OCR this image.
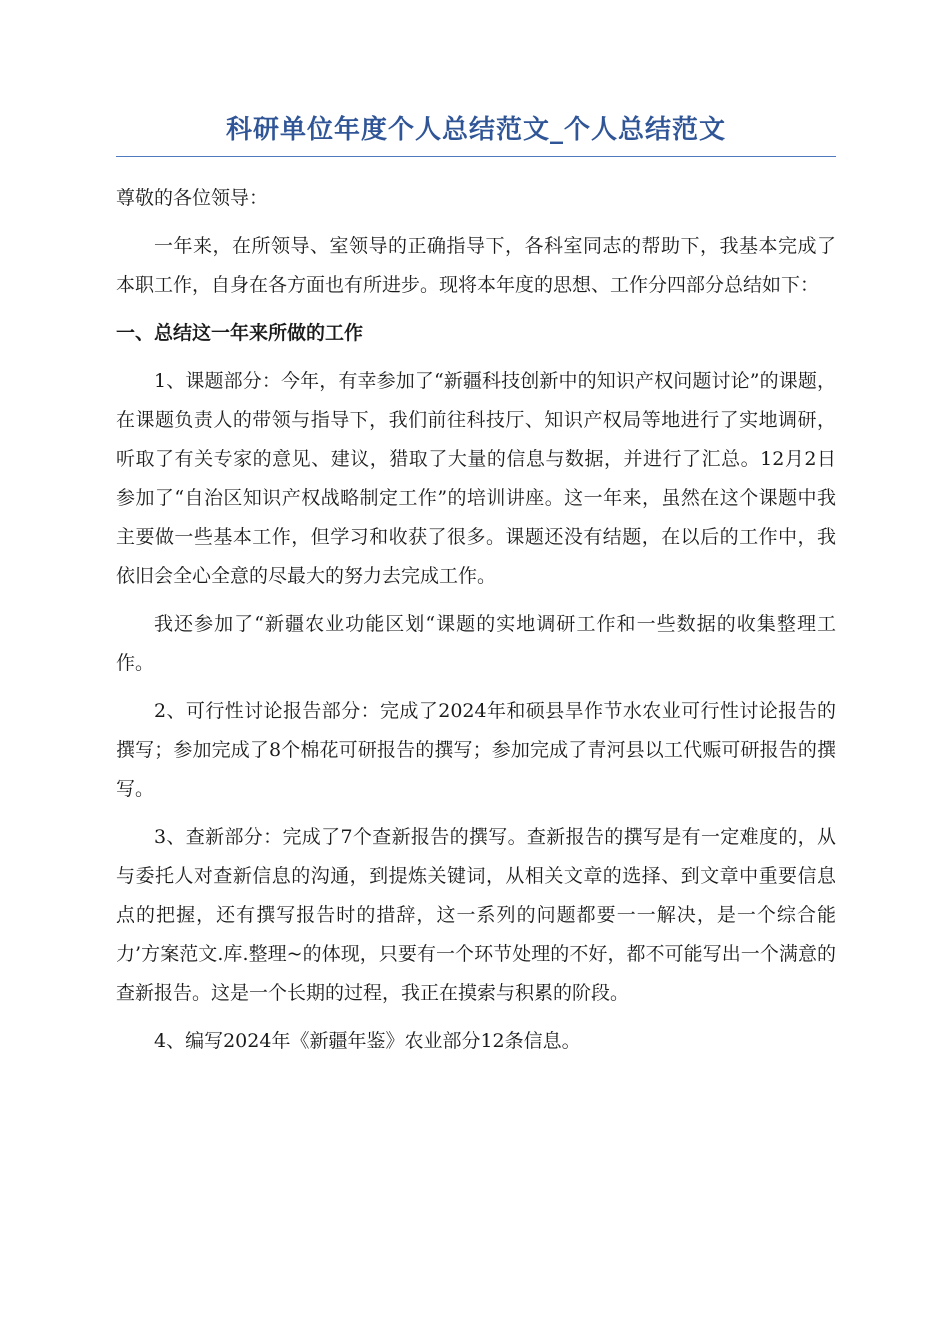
科研单位年度个人总结范文_个人总结范文

尊敬的各位领导：

一年来，在所领导、室领导的正确指导下，各科室同志的帮助下，我基本完成了本职工作，自身在各方面也有所进步。现将本年度的思想、工作分四部分总结如下：

一、总结这一年来所做的工作

1、课题部分：今年，有幸参加了“新疆科技创新中的知识产权问题讨论”的课题，在课题负责人的带领与指导下，我们前往科技厅、知识产权局等地进行了实地调研，听取了有关专家的意见、建议，猎取了大量的信息与数据，并进行了汇总。12月2日参加了“自治区知识产权战略制定工作”的培训讲座。这一年来，虽然在这个课题中我主要做一些基本工作，但学习和收获了很多。课题还没有结题，在以后的工作中，我依旧会全心全意的尽最大的努力去完成工作。

我还参加了“新疆农业功能区划“课题的实地调研工作和一些数据的收集整理工作。

2、可行性讨论报告部分：完成了2024年和硕县旱作节水农业可行性讨论报告的撰写；参加完成了8个棉花可研报告的撰写；参加完成了青河县以工代赈可研报告的撰写。

3、查新部分：完成了7个查新报告的撰写。查新报告的撰写是有一定难度的，从与委托人对查新信息的沟通，到提炼关键词，从相关文章的选择、到文章中重要信息点的把握，还有撰写报告时的措辞，这一系列的问题都要一一解决，是一个综合能力’方案范文.库.整理~的体现，只要有一个环节处理的不好，都不可能写出一个满意的查新报告。这是一个长期的过程，我正在摸索与积累的阶段。

4、编写2024年《新疆年鉴》农业部分12条信息。
